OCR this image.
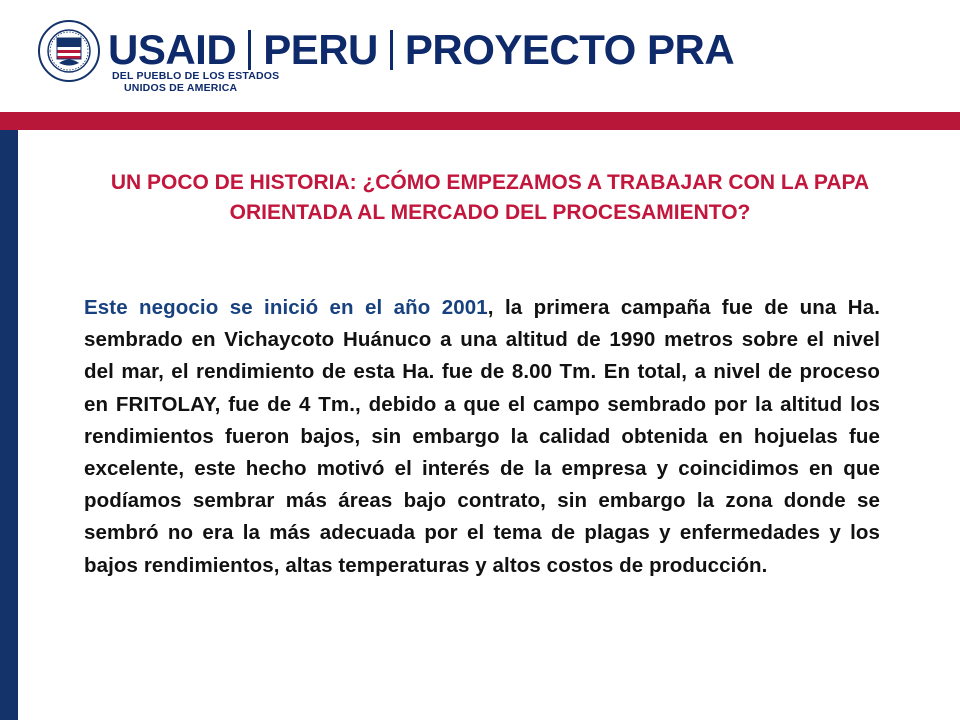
USAID PERU PROYECTO PRA
DEL PUEBLO DE LOS ESTADOS
UNIDOS DE AMERICA
UN POCO DE HISTORIA: ¿CÓMO EMPEZAMOS A TRABAJAR CON LA PAPA ORIENTADA AL MERCADO DEL PROCESAMIENTO?

Este negocio se inició en el año 2001, la primera campaña fue de una Ha. sembrado en Vichaycoto Huánuco a una altitud de 1990 metros sobre el nivel del mar, el rendimiento de esta Ha. fue de 8.00 Tm. En total, a nivel de proceso en FRITOLAY, fue de 4 Tm., debido a que el campo sembrado por la altitud los rendimientos fueron bajos, sin embargo la calidad obtenida en hojuelas fue excelente, este hecho motivó el interés de la empresa y coincidimos en que podíamos sembrar más áreas bajo contrato, sin embargo la zona donde se sembró no era la más adecuada por el tema de plagas y enfermedades y los bajos rendimientos, altas temperaturas y altos costos de producción.
